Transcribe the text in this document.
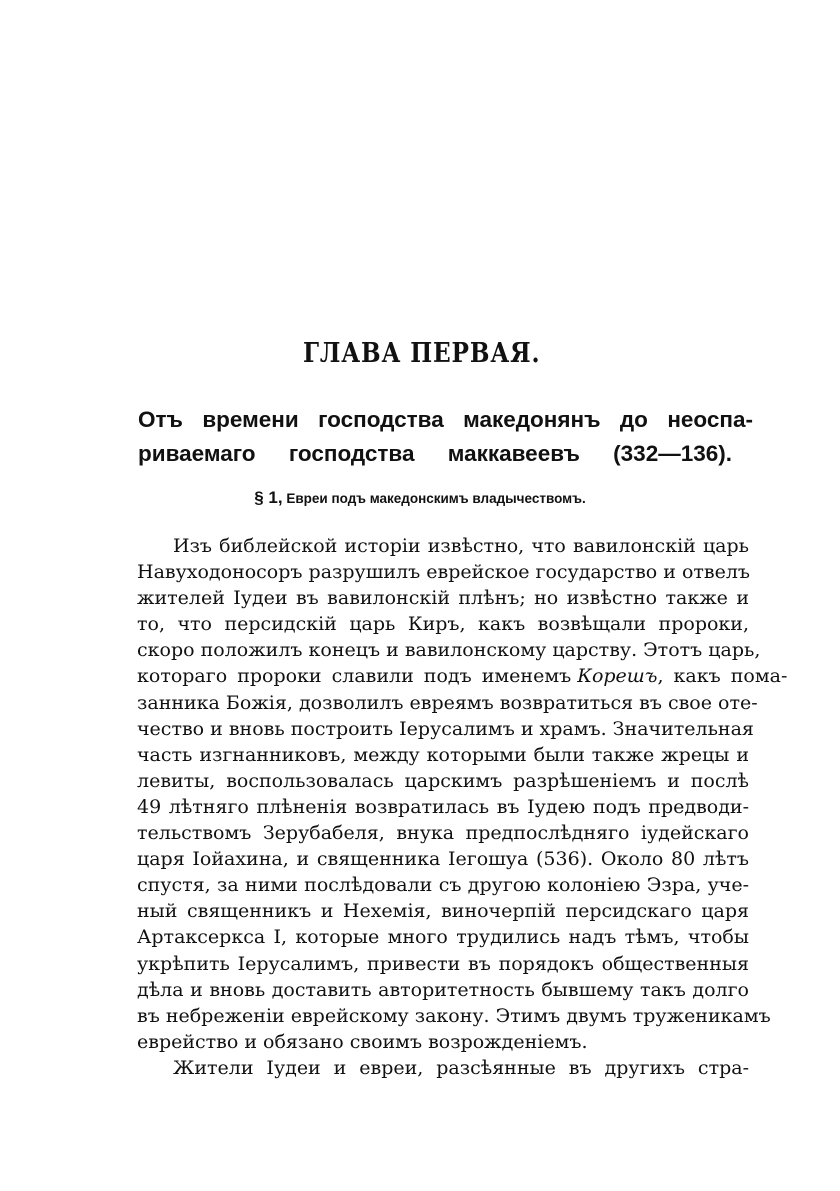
ГЛАВА ПЕРВАЯ.
Отъ времени господства македонянъ до неоспа-
риваемаго господства маккавеевъ (332—136).
§ 1, Евреи подъ македонскимъ владычествомъ.
Изъ библейской исторіи извѣстно, что вавилонскій царь
Навуходоносоръ разрушилъ еврейское государство и отвелъ
жителей Іудеи въ вавилонскій плѣнъ; но извѣстно также и
то, что персидскій царь Киръ, какъ возвѣщали пророки,
скоро положилъ конецъ и вавилонскому царству. Этотъ царь,
котораго пророки славили подъ именемъ Корешъ, какъ пома-
занника Божія, дозволилъ евреямъ возвратиться въ свое оте-
чество и вновь построить Іерусалимъ и храмъ. Значительная
часть изгнанниковъ, между которыми были также жрецы и
левиты, воспользовалась царскимъ разрѣшеніемъ и послѣ
49 лѣтняго плѣненія возвратилась въ Іудею подъ предводи-
тельствомъ Зерубабеля, внука предпослѣдняго іудейскаго
царя Іойахина, и священника Іегошуа (536). Около 80 лѣтъ
спустя, за ними послѣдовали съ другою колоніею Эзра, уче-
ный священникъ и Нехемія, виночерпій персидскаго царя
Артаксеркса I, которые много трудились надъ тѣмъ, чтобы
укрѣпить Іерусалимъ, привести въ порядокъ общественныя
дѣла и вновь доставить авторитетность бывшему такъ долго
въ небреженіи еврейскому закону. Этимъ двумъ труженикамъ
еврейство и обязано своимъ возрожденіемъ.
Жители Іудеи и евреи, разсѣянные въ другихъ стра-
